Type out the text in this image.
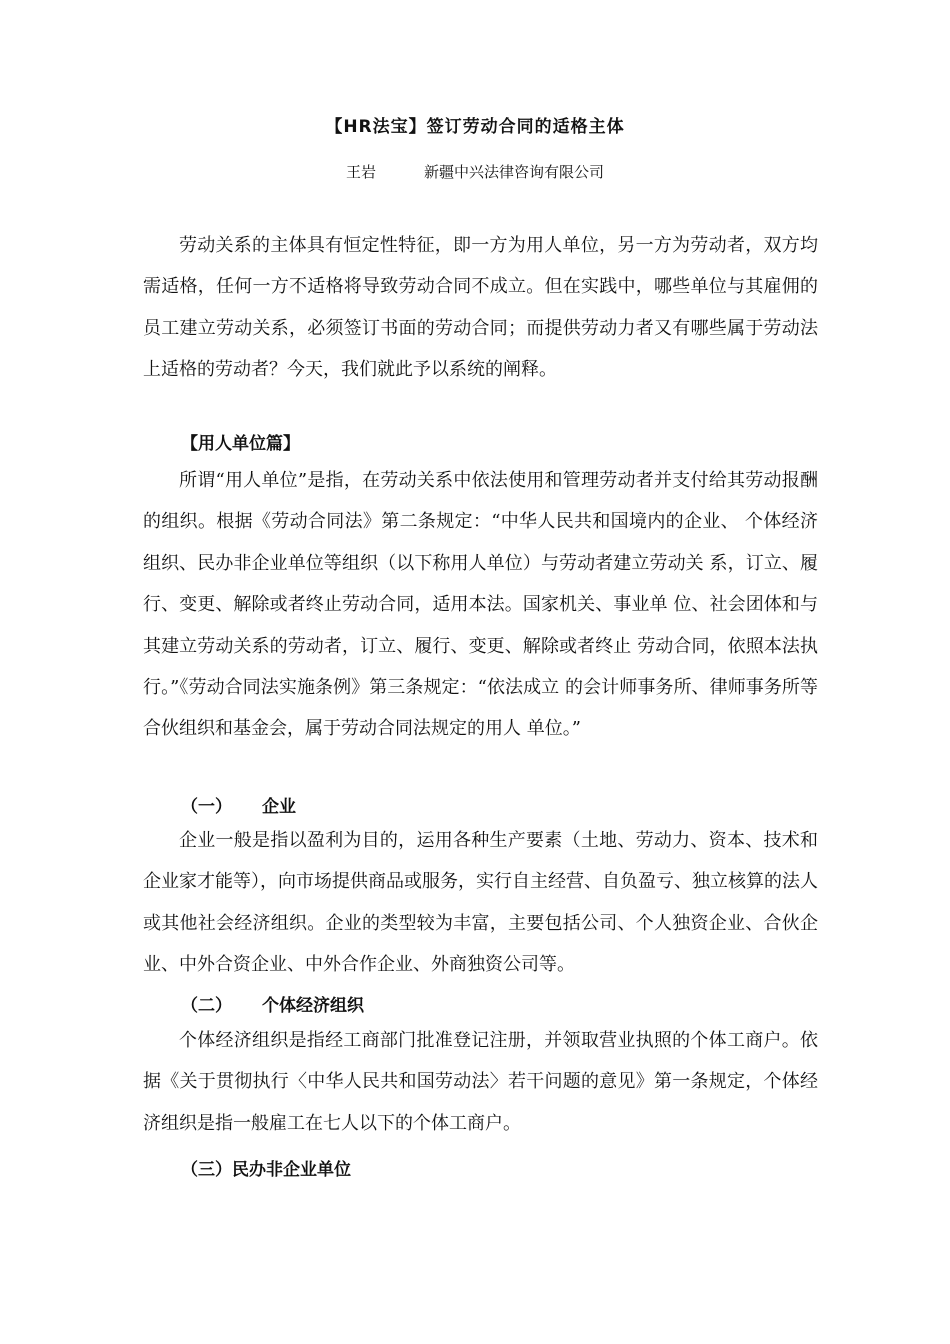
【HR法宝】签订劳动合同的适格主体

王岩	新疆中兴法律咨询有限公司

劳动关系的主体具有恒定性特征，即一方为用人单位，另一方为劳动者，双方均需适格，任何一方不适格将导致劳动合同不成立。但在实践中，哪些单位与其雇佣的员工建立劳动关系，必须签订书面的劳动合同；而提供劳动力者又有哪些属于劳动法上适格的劳动者？今天，我们就此予以系统的阐释。

【用人单位篇】

所谓“用人单位”是指，在劳动关系中依法使用和管理劳动者并支付给其劳动报酬的组织。根据《劳动合同法》第二条规定：“中华人民共和国境内的企业、 个体经济组织、民办非企业单位等组织（以下称用人单位）与劳动者建立劳动关 系，订立、履行、变更、解除或者终止劳动合同，适用本法。国家机关、事业单 位、社会团体和与其建立劳动关系的劳动者，订立、履行、变更、解除或者终止 劳动合同，依照本法执行。”《劳动合同法实施条例》第三条规定：“依法成立 的会计师事务所、律师事务所等合伙组织和基金会，属于劳动合同法规定的用人 单位。”

（一） 企业

企业一般是指以盈利为目的，运用各种生产要素（土地、劳动力、资本、技术和企业家才能等），向市场提供商品或服务，实行自主经营、自负盈亏、独立核算的法人或其他社会经济组织。企业的类型较为丰富，主要包括公司、个人独资企业、合伙企业、中外合资企业、中外合作企业、外商独资公司等。

（二） 个体经济组织

个体经济组织是指经工商部门批准登记注册，并领取营业执照的个体工商户。依据《关于贯彻执行〈中华人民共和国劳动法〉若干问题的意见》第一条规定，个体经济组织是指一般雇工在七人以下的个体工商户。

（三）民办非企业单位
